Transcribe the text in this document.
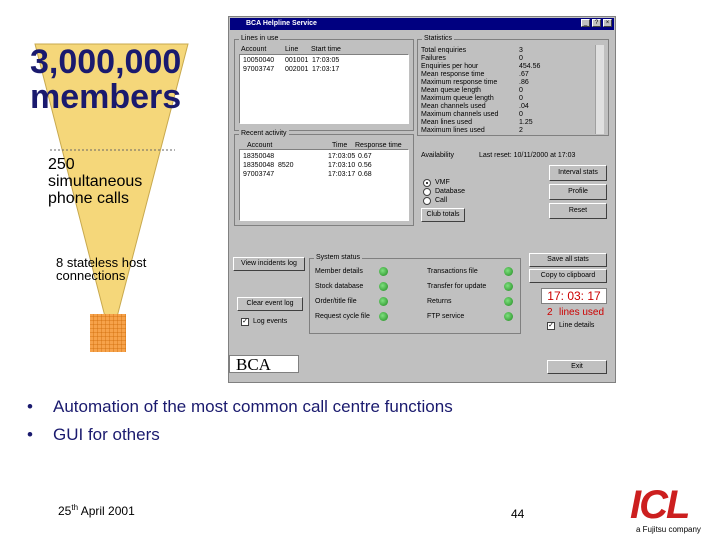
3,000,000
members
250
simultaneous
phone calls
8 stateless host
connections
BCA Helpline Service	_	?	×
Lines in use
Account	Line Start time
10050040 001001 17:03:05
97003747 002001 17:03:17
Statistics
Total enquiries	3
Failures	0
Enquiries per hour	454.56
Mean response time	.67
Maximum response time	.86
Mean queue length	0
Maximum queue length	0
Mean channels used	.04
Maximum channels used	0
Mean lines used	1.25
Maximum lines used	2
Recent activity
Account	Time Response time
18350048	17:03:05 0.67
18350048 8520	17:03:10 0.56
97003747	17:03:17 0.68
Availability	Last reset: 10/11/2000 at 17:03
Interval stats
Profile
Reset
VMF
Database
Call
Club totals
View incidents log
Clear event log
✓ Log events
System status	Save all stats
Copy to clipboard
17: 03: 17
2 lines used
✓ Line details
BCA	Exit
Member details	Transactions file
Stock database	Transfer for update
Order/title file	Returns
Request cycle file	FTP service
• Automation of the most common call centre functions
• GUI for others
25th April 2001	44	ICL
a Fujitsu company
